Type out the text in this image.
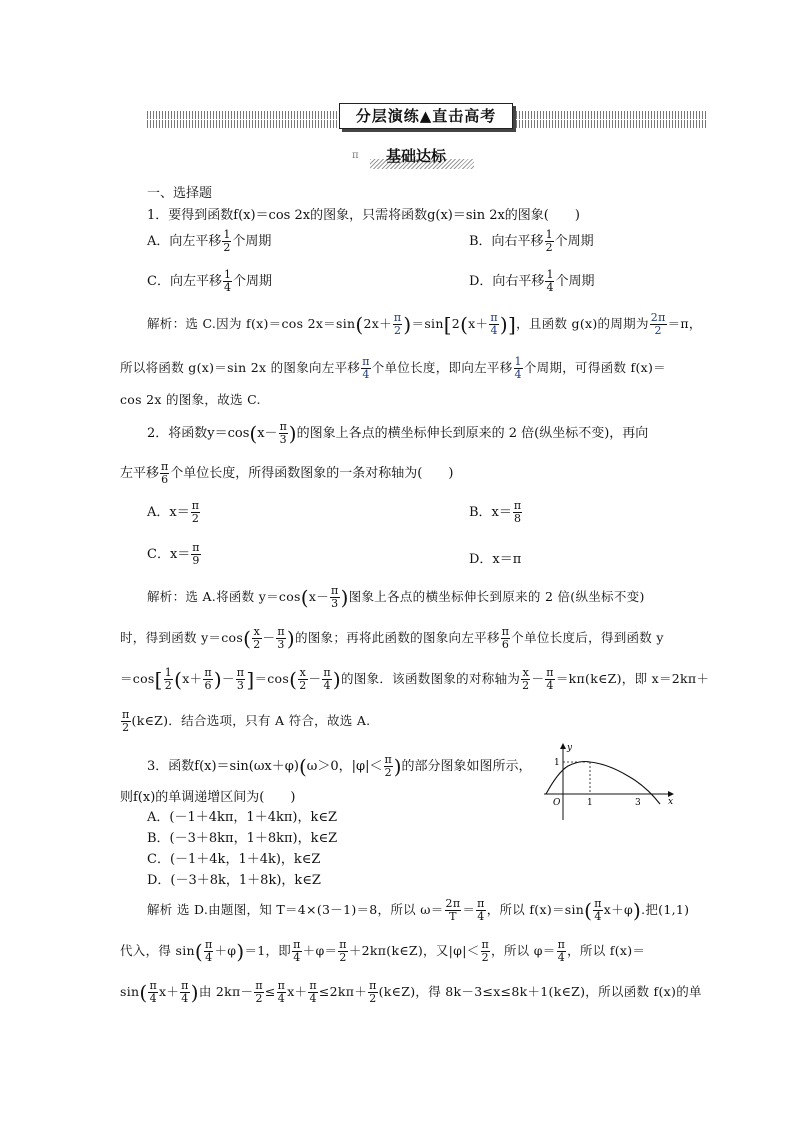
分层演练▲直击高考
π	基础达标
一、选择题
1．要得到函数f(x)＝cos 2x的图象，只需将函数g(x)＝sin 2x的图象(　　)
A．向左平移 $\frac{1}{2}$ 个周期	B．向右平移 $\frac{1}{2}$ 个周期
C．向左平移 $\frac{1}{4}$ 个周期	D．向右平移 $\frac{1}{4}$ 个周期
解析：选 C.因为 f(x)＝cos $2x=\sin(2x+ \frac{\pi}{2} )=\sin[2(x+ \frac{\pi}{4}$ )]，且函数 g(x)的周期为 $\frac{2\pi}{2} =\pi$，
所以将函数 g(x)＝sin 2x 的图象向左平移 $\frac{\pi}{4}$ 个单位长度，即向左平移 $\frac{1}{4}$ 个周期，可得函数 f(x)＝
cos 2x 的图象，故选 C.
2．将函数$y=\cos(x- \frac{\pi}{3}$ )的图象上各点的横坐标伸长到原来的 2 倍(纵坐标不变)，再向
左平移 $\frac{\pi}{6}$ 个单位长度，所得函数图象的一条对称轴为(　　)
A．$x= \frac{\pi}{2}$	B．$x= \frac{\pi}{8}$
C．$x= \frac{\pi}{9}$	D．x＝π
解析：选 A.将函数 $y=\cos(x- \frac{\pi}{3}$ )图象上各点的横坐标伸长到原来的 2 倍(纵坐标不变)
时，得到函数 $y=\cos( \frac{x}{2} - \frac{\pi}{3}$ )的图象；再将此函数的图象向左平移 $\frac{\pi}{6}$ 个单位长度后，得到函数 y
$=\cos[ \frac{1}{2} (x+ \frac{\pi}{6}$ )－ $\frac{\pi}{3} ]=\cos( \frac{x}{2} - \frac{\pi}{4}$ )的图象．该函数图象的对称轴为 $\frac{x}{2} - \frac{\pi}{4}$ ＝kπ(k∈Z)，即 x＝2kπ＋
$\frac{\pi}{2}$ (k∈Z)．结合选项，只有 A 符合，故选 A.
3．函数f(x)＝sin(ωx＋φ)(ω＞0，$|\varphi|< \frac{\pi}{2}$ )的部分图象如图所示，
则f(x)的单调递增区间为(　　)
A．(－1＋4kπ，1＋4kπ)，k∈Z
B．(－3＋8kπ，1＋8kπ)，k∈Z
C．(－1＋4k，1＋4k)，k∈Z
D．(－3＋8k，1＋8k)，k∈Z
y
x
O	1
1
3
解析 选 D.由题图，知 T＝4×(3－1)＝8，所以 $\omega= \frac{2\pi}{T} = \frac{\pi}{4}$ ，所以 $f(x)=\sin( \frac{\pi}{4} x+\varphi)$.把(1,1)
代入，得 $\sin( \frac{\pi}{4} +\varphi)=1$，即 $\frac{\pi}{4} +\varphi= \frac{\pi}{2}$ ＋2kπ(k∈Z)，又$|\varphi|< \frac{\pi}{2}$ ，所以 $\varphi= \frac{\pi}{4}$ ，所以 f(x)＝
$\sin( \frac{\pi}{4} x+ \frac{\pi}{4}$ )由 $2k\pi- \frac{\pi}{2} \le \frac{\pi}{4} x+ \frac{\pi}{4} \le 2k\pi+ \frac{\pi}{2}$ (k∈Z)，得 8k－3≤x≤8k＋1(k∈Z)，所以函数 f(x)的单
